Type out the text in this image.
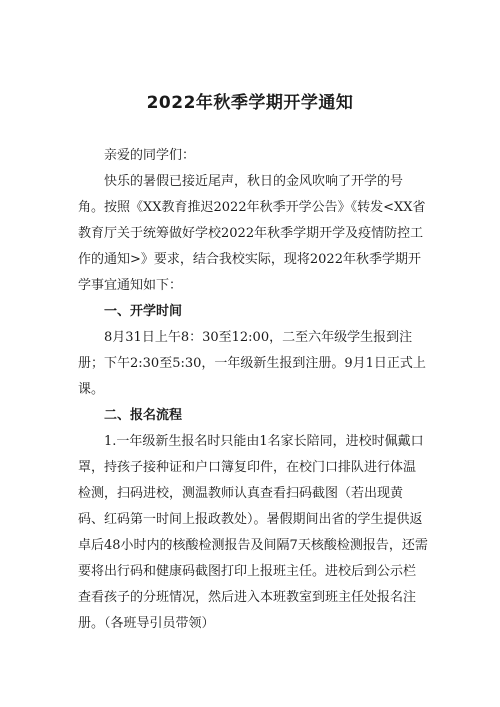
2022年秋季学期开学通知

亲爱的同学们：

快乐的暑假已接近尾声，秋日的金风吹响了开学的号角。按照《XX教育推迟2022年秋季开学公告》《转发<XX省教育厅关于统筹做好学校2022年秋季学期开学及疫情防控工作的通知>》要求，结合我校实际，现将2022年秋季学期开学事宜通知如下：

一、开学时间

8月31日上午8：30至12:00，二至六年级学生报到注册；下午2:30至5:30，一年级新生报到注册。9月1日正式上课。

二、报名流程

1.一年级新生报名时只能由1名家长陪同，进校时佩戴口罩，持孩子接种证和户口簿复印件，在校门口排队进行体温检测，扫码进校，测温教师认真查看扫码截图（若出现黄码、红码第一时间上报政教处）。暑假期间出省的学生提供返卓后48小时内的核酸检测报告及间隔7天核酸检测报告，还需要将出行码和健康码截图打印上报班主任。进校后到公示栏查看孩子的分班情况，然后进入本班教室到班主任处报名注册。（各班导引员带领）
